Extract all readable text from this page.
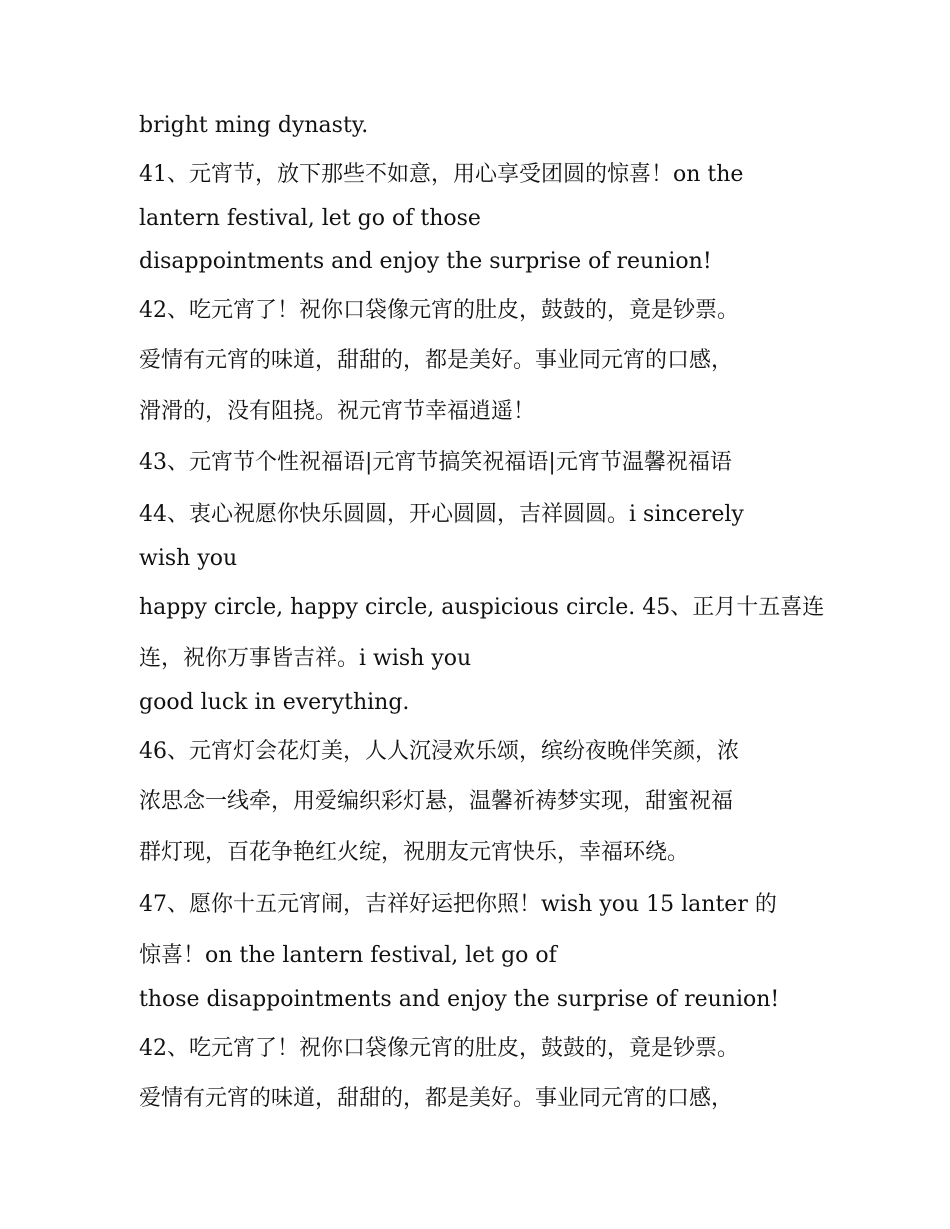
bright ming dynasty.
41、元宵节，放下那些不如意，用心享受团圆的惊喜！on the
lantern festival, let go of those
disappointments and enjoy the surprise of reunion!
42、吃元宵了！祝你口袋像元宵的肚皮，鼓鼓的，竟是钞票。
爱情有元宵的味道，甜甜的，都是美好。事业同元宵的口感，
滑滑的，没有阻挠。祝元宵节幸福逍遥！
43、元宵节个性祝福语|元宵节搞笑祝福语|元宵节温馨祝福语
44、衷心祝愿你快乐圆圆，开心圆圆，吉祥圆圆。i sincerely
wish you
happy circle, happy circle, auspicious circle. 45、正月十五喜连
连，祝你万事皆吉祥。i wish you
good luck in everything.
46、元宵灯会花灯美，人人沉浸欢乐颂，缤纷夜晚伴笑颜，浓
浓思念一线牵，用爱编织彩灯悬，温馨祈祷梦实现，甜蜜祝福
群灯现，百花争艳红火绽，祝朋友元宵快乐，幸福环绕。
47、愿你十五元宵闹，吉祥好运把你照！wish you 15 lanter 的
惊喜！on the lantern festival, let go of
those disappointments and enjoy the surprise of reunion!
42、吃元宵了！祝你口袋像元宵的肚皮，鼓鼓的，竟是钞票。
爱情有元宵的味道，甜甜的，都是美好。事业同元宵的口感，
